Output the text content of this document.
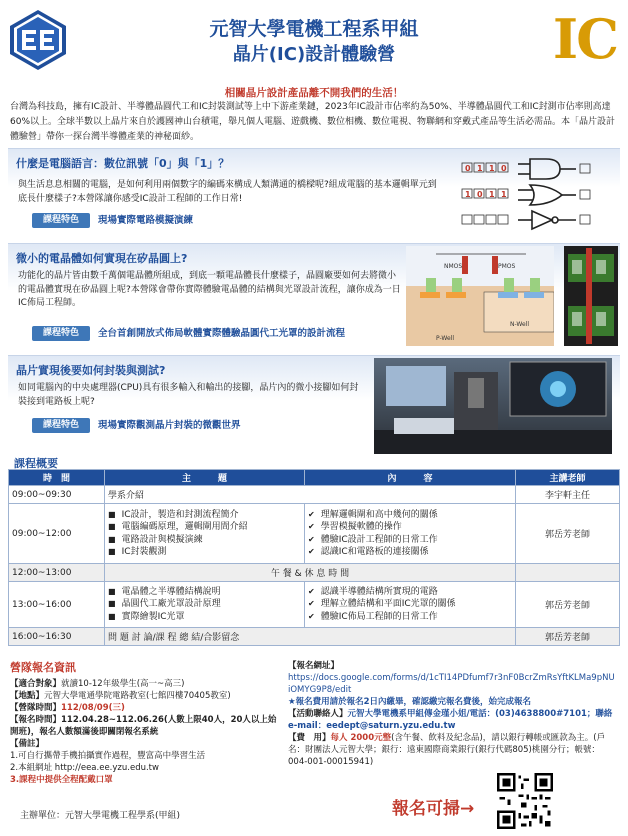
元智大學電機工程系甲組
晶片(IC)設計體驗營	IC
相關晶片設計產品離不開我們的生活！
台灣為科技島，擁有IC設計、半導體晶圓代工和IC封裝測試等上中下游產業鏈，2023年IC設計市佔率約為50%、半導體晶圓代工和IC封測市佔率則高達60%以上。全球半數以上晶片來自於護國神山台積電，舉凡個人電腦、遊戲機、數位相機、數位電視、物聯網和穿戴式產品等生活必需品。本「晶片設計體驗營」帶你一探台灣半導體產業的神秘面紗。
什麼是電腦語言：數位訊號「0」與「1」？
與生活息息相關的電腦，是如何利用兩個數字的編碼來構成人類溝通的橋樑呢?組成電腦的基本邏輯單元到底長什麼樣子?本營隊讓你感受IC設計工程師的工作日常!
課程特色	現場實際電路模擬演練
0 1 1 0
1 0 1 1
微小的電晶體如何實現在矽晶圓上?
功能化的晶片皆由數千萬個電晶體所組成，到底一顆電晶體長什麼樣子，晶圓廠要如何去將微小的電晶體實現在矽晶圓上呢?本營隊會帶你實際體驗電晶體的結構與光罩設計流程，讓你成為一日IC佈局工程師。
課程特色	全台首創開放式佈局軟體實際體驗晶圓代工光罩的設計流程
NMOS	PMOS
P-Well
N-Well
晶片實現後要如何封裝與測試?
如同電腦內的中央處理器(CPU)具有很多輸入和輸出的接腳，晶片內的微小接腳如何封裝接到電路板上呢?
課程特色	現場實際觀測晶片封裝的微觀世界
課程概要
時　間	主　　　題	內　　　容	主講老師
09:00~09:30	學系介紹		李宇軒主任
09:00~12:00	■ IC設計，製造和封測流程簡介
■ 電腦編碼原理，邏輯閘用間介紹
■ 電路設計與模擬演練
■ IC封裝觀測	✔ 理解邏輯閘和高中幾何的關係
✔ 學習模擬軟體的操作
✔ 體驗IC設計工程師的日常工作
✔ 認識IC和電路板的連接關係	郭岳芳老師
12:00~13:00	午 餐 & 休 息 時 間		
13:00~16:00	■ 電晶體之半導體結構說明
■ 晶圓代工廠光罩設計原理
■ 實際繪製IC光罩	✔ 認識半導體結構所實現的電路
✔ 理解立體結構和平面IC光罩的關係
✔ 體驗IC佈局工程師的日常工作	郭岳芳老師
16:00~16:30	問 題 討 論/課 程 總 結/合影留念		郭岳芳老師
營隊報名資訊
【適合對象】就讀10-12年級學生(高一~高三)
【地點】元智大學電通學院電路教室(七館四樓70405教室)
【營隊時間】112/08/09(三)
【報名時間】112.04.28~112.06.26(人數上限40人，20人以上始開班)，報名人數額滿後即關閉報名系統
【備註】
1.可自行攜帶手機拍攝實作過程，豐富高中學習生活
2.本組網址 http://eea.ee.yzu.edu.tw
3.課程中提供全程配戴口罩
主辦單位：元智大學電機工程學系(甲組)
【報名網址】
https://docs.google.com/forms/d/1cTI14PDfumf7r3nF0BcrZmRsYftKLMa9pNUiOMYG9P8/edit
★報名費用請於報名2日內繳畢，確認繳完報名費後，始完成報名
【活動聯絡人】元智大學電機系甲組傳金瑾小姐/電話：(03)4638800#7101；聯絡 e-mail：eedept@saturn.yzu.edu.tw
【費　用】每人 2000元整(含午餐、飲料及紀念品)，請以銀行轉帳或匯款為主。(戶名：財團法人元智大學；銀行：遠東國際商業銀行(銀行代碼805)桃園分行；帳號：004-001-00015941)
報名可掃→
